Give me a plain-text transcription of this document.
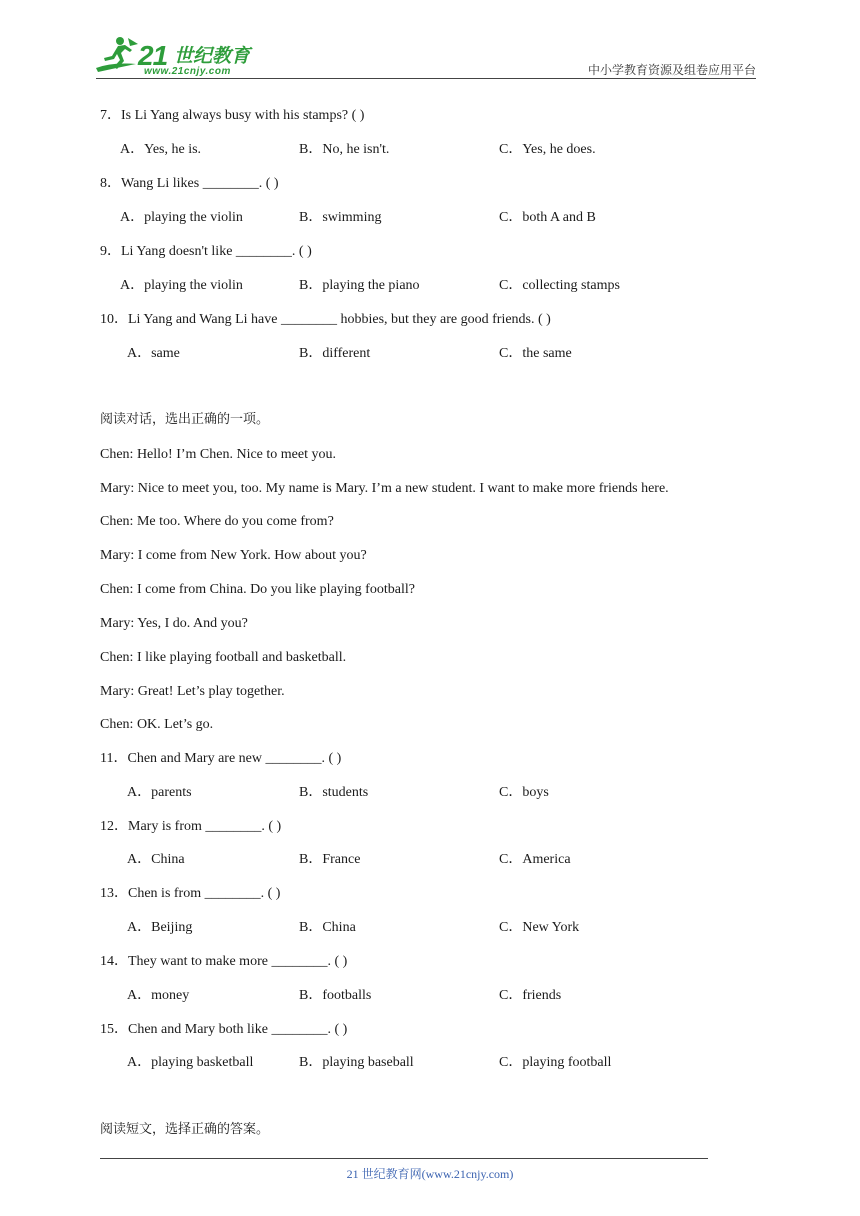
21 世纪教育
www.21cnjy.com	中小学教育资源及组卷应用平台
7．Is Li Yang always busy with his stamps? ( )
A．Yes, he is.	B．No, he isn't.	C．Yes, he does.
8．Wang Li likes ________. ( )
A．playing the violin	B．swimming	C．both A and B
9．Li Yang doesn't like ________. ( )
A．playing the violin	B．playing the piano	C．collecting stamps
10．Li Yang and Wang Li have ________ hobbies, but they are good friends. ( )
A．same	B．different	C．the same
阅读对话，选出正确的一项。
Chen: Hello! I’m Chen. Nice to meet you.
Mary: Nice to meet you, too. My name is Mary. I’m a new student. I want to make more friends here.
Chen: Me too. Where do you come from?
Mary: I come from New York. How about you?
Chen: I come from China. Do you like playing football?
Mary: Yes, I do. And you?
Chen: I like playing football and basketball.
Mary: Great! Let’s play together.
Chen: OK. Let’s go.
11．Chen and Mary are new ________. ( )
A．parents	B．students	C．boys
12．Mary is from ________. ( )
A．China	B．France	C．America
13．Chen is from ________. ( )
A．Beijing	B．China	C．New York
14．They want to make more ________. ( )
A．money	B．footballs	C．friends
15．Chen and Mary both like ________. ( )
A．playing basketball	B．playing baseball	C．playing football
阅读短文，选择正确的答案。
21 世纪教育网(www.21cnjy.com)
